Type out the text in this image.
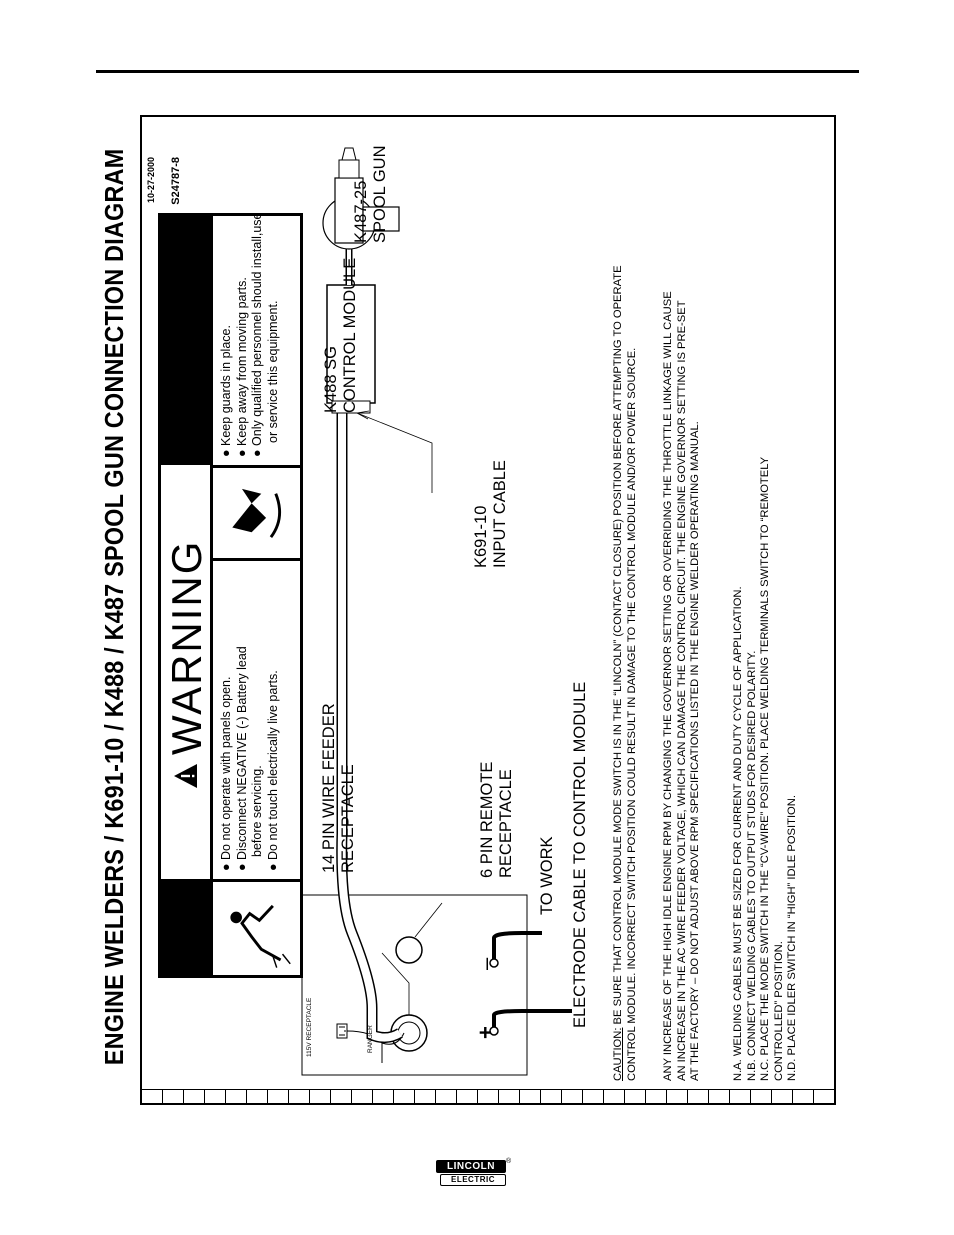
ENGINE WELDERS / K691-10 / K488 / K487 SPOOL GUN CONNECTION DIAGRAM	115V RECEPTACLE	RANGER
WARNING
● Do not operate with panels open. ● Disconnect NEGATIVE (-) Battery lead before servicing. ● Do not touch electrically live parts.
● Keep guards in place. ● Keep away from moving parts. ● Only qualified personnel should install,use or service this equipment.
14 PIN WIRE FEEDER RECEPTACLE	6 PIN REMOTE RECEPTACLE TO WORK ELECTRODE CABLE TO CONTROL MODULE
+
–
K691-10 INPUT CABLE
K488 SG CONTROL MODULE
K487-25 SPOOL GUN
CAUTION: BE SURE THAT CONTROL MODULE MODE SWITCH IS IN THE “LINCOLN” (CONTACT CLOSURE) POSITION BEFORE ATTEMPTING TO OPERATE CONTROL MODULE. INCORRECT SWITCH POSITION COULD RESULT IN DAMAGE TO THE CONTROL MODULE AND/OR POWER SOURCE. ANY INCREASE OF THE HIGH IDLE ENGINE RPM BY CHANGING THE GOVERNOR SETTING OR OVERRIDING THE THROTTLE LINKAGE WILL CAUSE AN INCREASE IN THE AC WIRE FEEDER VOLTAGE, WHICH CAN DAMAGE THE CONTROL CIRCUIT. THE ENGINE GOVERNOR SETTING IS PRE-SET AT THE FACTORY – DO NOT ADJUST ABOVE RPM SPECIFICATIONS LISTED IN THE ENGINE WELDER OPERATING MANUAL.	N.A. WELDING CABLES MUST BE SIZED FOR CURRENT AND DUTY CYCLE OF APPLICATION. N.B. CONNECT WELDING CABLES TO OUTPUT STUDS FOR DESIRED POLARITY. N.C. PLACE THE MODE SWITCH IN THE “CV-WIRE” POSITION. PLACE WELDING TERMINALS SWITCH TO “REMOTELY CONTROLLED” POSITION. N.D. PLACE IDLER SWITCH IN “HIGH” IDLE POSITION.
10-27-2000 S24787-8
LINCOLN	®
ELECTRIC
